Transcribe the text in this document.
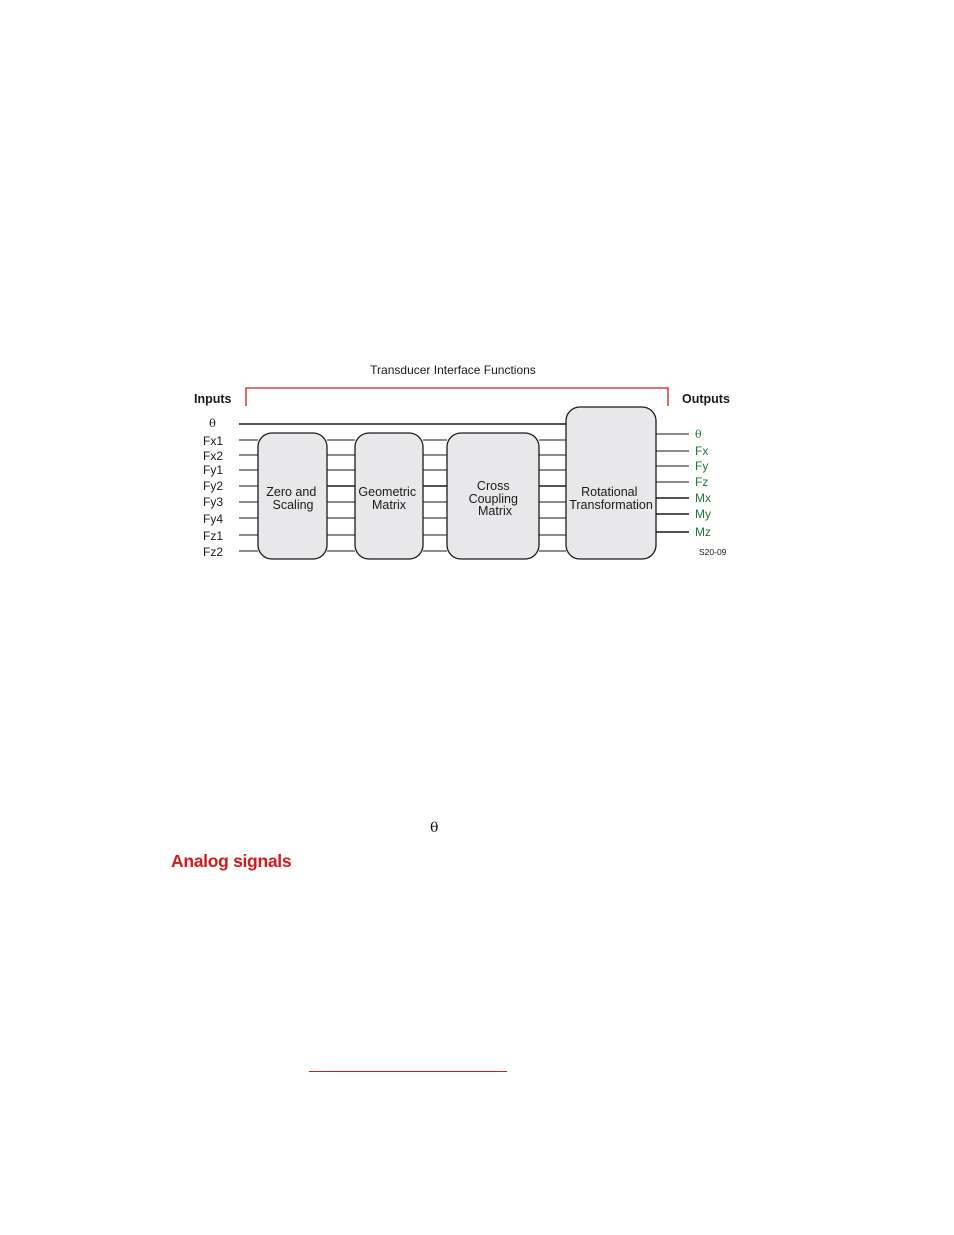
Transducer Interface Functions
Inputs	Outputs
θ
Fx1
Fx2
Fy1
Fy2
Fy3
Fy4
Fz1
Fz2
Zero and Scaling
Geometric Matrix
Cross Coupling Matrix
Rotational Transformation
θ
Fx
Fy
Fz
Mx
My
Mz
S20-09
θ
Analog signals
